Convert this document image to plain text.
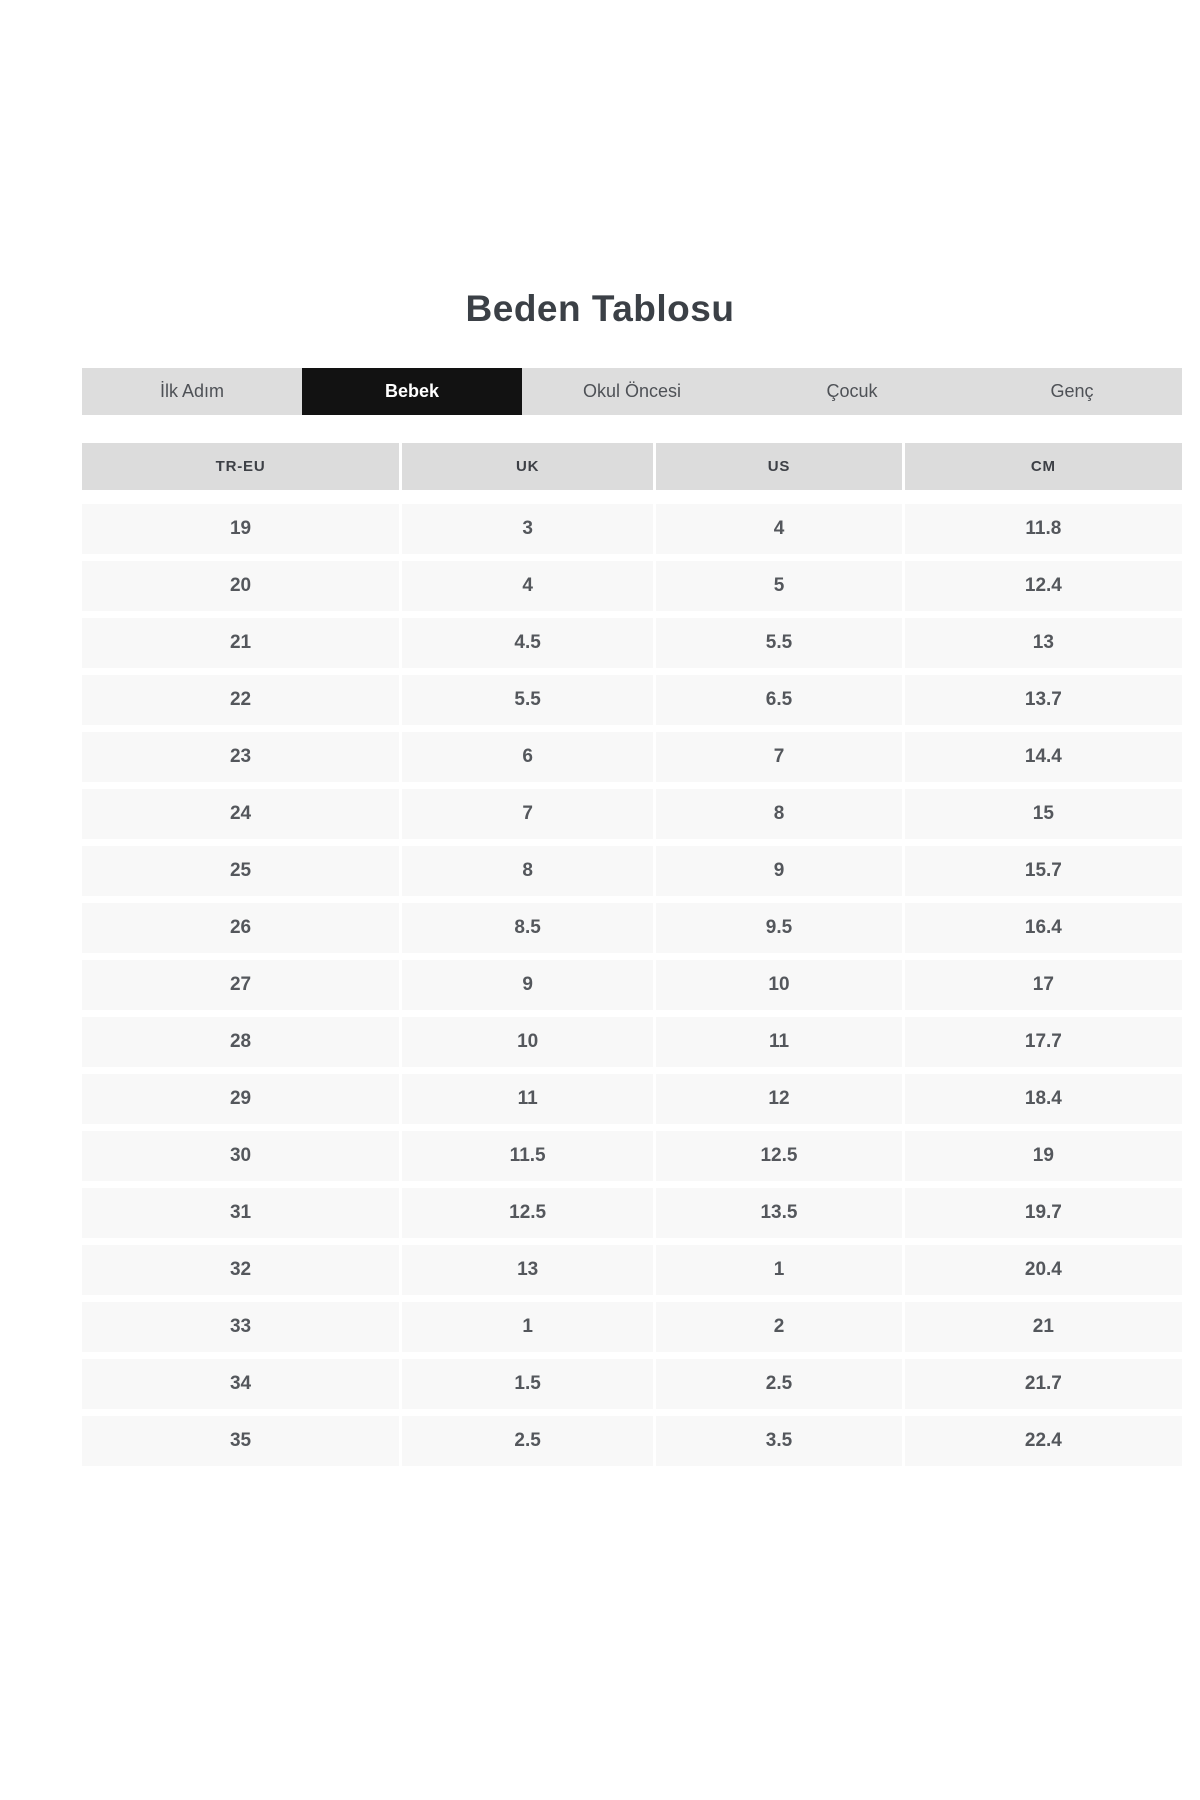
Beden Tablosu
İlk Adım	Bebek	Okul Öncesi	Çocuk	Genç
TR-EU	UK	US	CM
19	3	4	11.8
20	4	5	12.4
21	4.5	5.5	13
22	5.5	6.5	13.7
23	6	7	14.4
24	7	8	15
25	8	9	15.7
26	8.5	9.5	16.4
27	9	10	17
28	10	11	17.7
29	11	12	18.4
30	11.5	12.5	19
31	12.5	13.5	19.7
32	13	1	20.4
33	1	2	21
34	1.5	2.5	21.7
35	2.5	3.5	22.4
